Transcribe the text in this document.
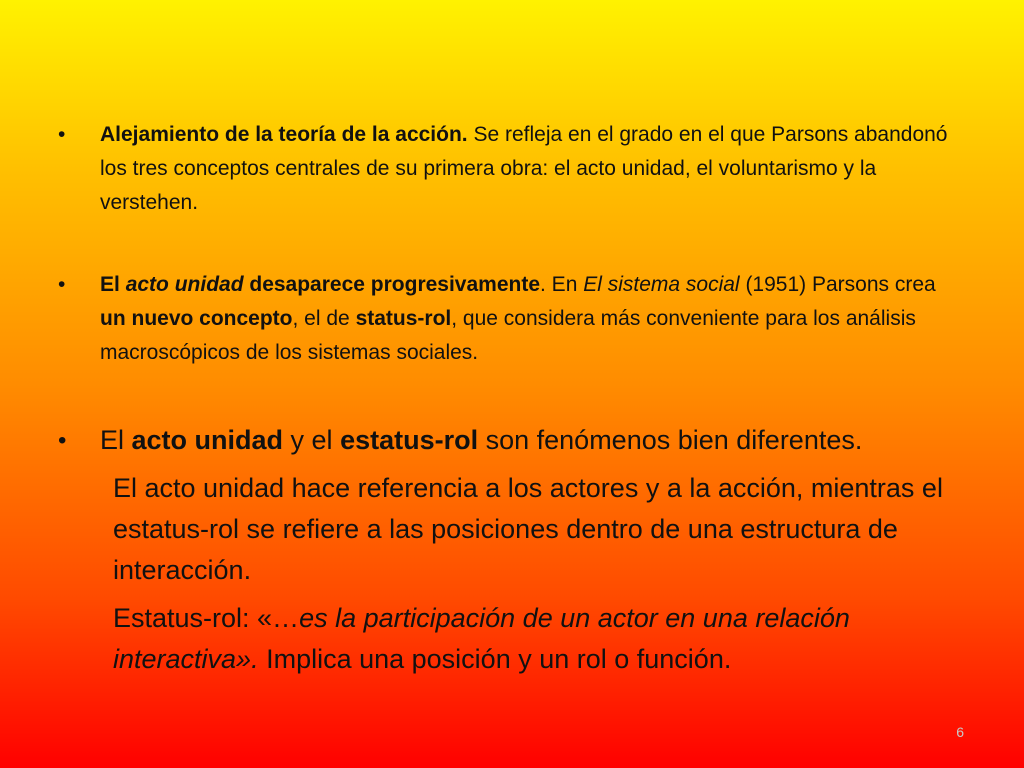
• Alejamiento de la teoría de la acción. Se refleja en el grado en el que Parsons abandonó los tres conceptos centrales de su primera obra: el acto unidad, el voluntarismo y la verstehen.
• El acto unidad desaparece progresivamente. En El sistema social (1951) Parsons crea un nuevo concepto, el de status-rol, que considera más conveniente para los análisis macroscópicos de los sistemas sociales.
• El acto unidad y el estatus-rol son fenómenos bien diferentes.
El acto unidad hace referencia a los actores y a la acción, mientras el estatus-rol se refiere a las posiciones dentro de una estructura de interacción.
Estatus-rol: «…es la participación de un actor en una relación interactiva». Implica una posición y un rol o función.
6
